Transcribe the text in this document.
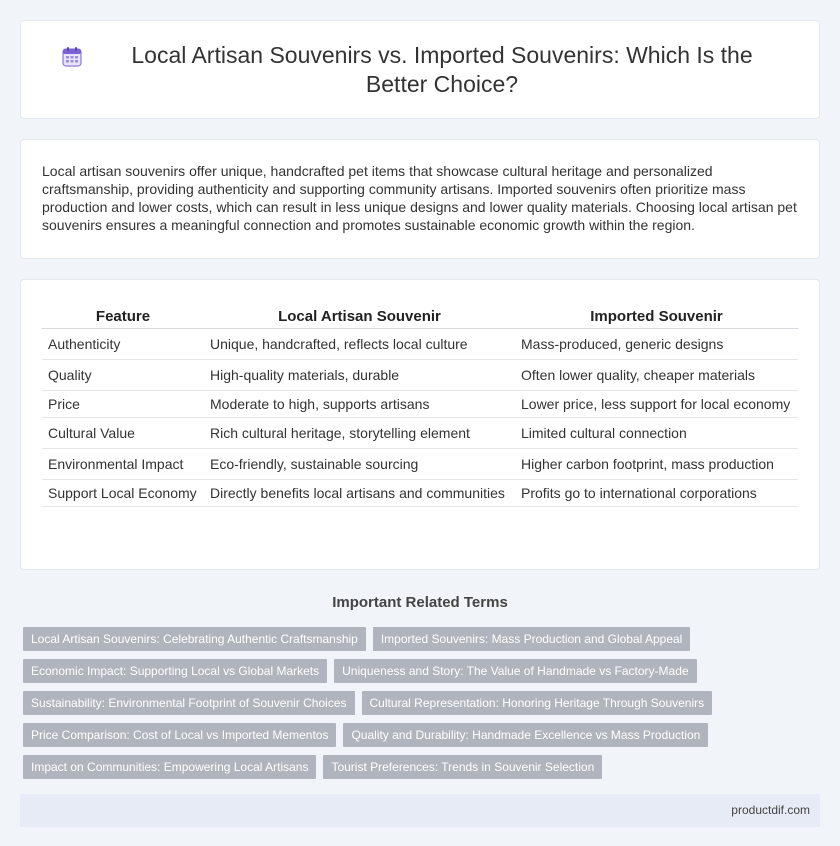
Local Artisan Souvenirs vs. Imported Souvenirs: Which Is the Better Choice?

Local artisan souvenirs offer unique, handcrafted pet items that showcase cultural heritage and personalized craftsmanship, providing authenticity and supporting community artisans. Imported souvenirs often prioritize mass production and lower costs, which can result in less unique designs and lower quality materials. Choosing local artisan pet souvenirs ensures a meaningful connection and promotes sustainable economic growth within the region.

Feature	Local Artisan Souvenir	Imported Souvenir
Authenticity	Unique, handcrafted, reflects local culture	Mass-produced, generic designs
Quality	High-quality materials, durable	Often lower quality, cheaper materials
Price	Moderate to high, supports artisans	Lower price, less support for local economy
Cultural Value	Rich cultural heritage, storytelling element	Limited cultural connection
Environmental Impact	Eco-friendly, sustainable sourcing	Higher carbon footprint, mass production
Support Local Economy	Directly benefits local artisans and communities	Profits go to international corporations
Important Related Terms
Local Artisan Souvenirs: Celebrating Authentic Craftsmanship	Imported Souvenirs: Mass Production and Global Appeal
Economic Impact: Supporting Local vs Global Markets	Uniqueness and Story: The Value of Handmade vs Factory-Made
Sustainability: Environmental Footprint of Souvenir Choices	Cultural Representation: Honoring Heritage Through Souvenirs
Price Comparison: Cost of Local vs Imported Mementos	Quality and Durability: Handmade Excellence vs Mass Production
Impact on Communities: Empowering Local Artisans	Tourist Preferences: Trends in Souvenir Selection
productdif.com
